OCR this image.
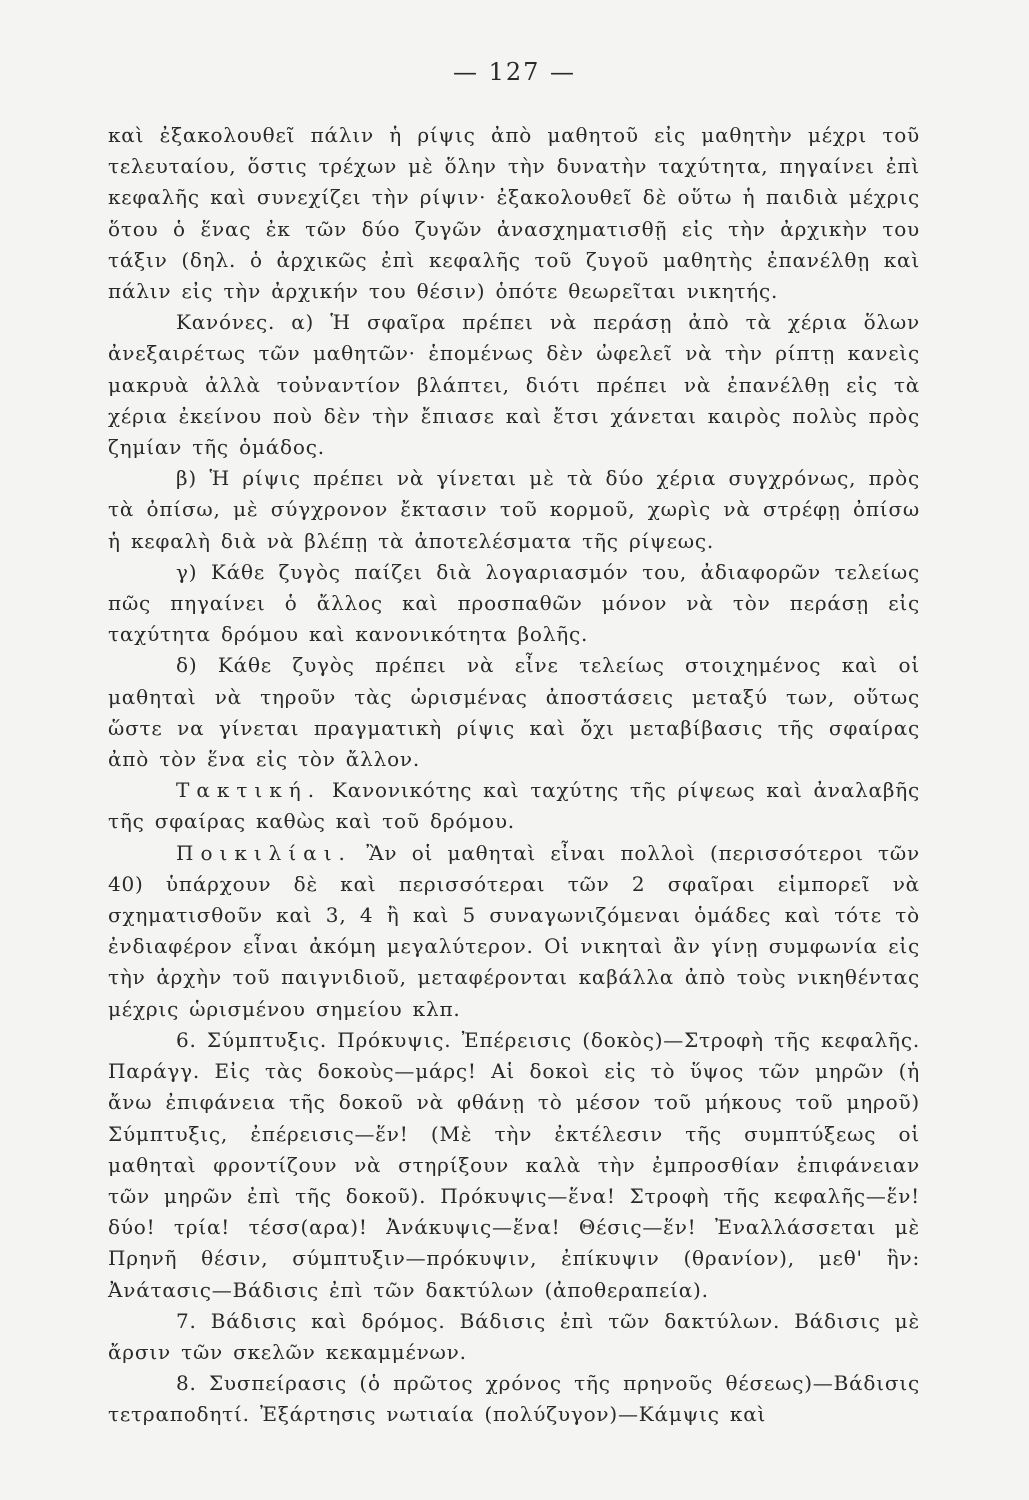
— 127 —

καὶ ἐξακολουθεῖ πάλιν ἡ ρίψις ἀπὸ μαθητοῦ εἰς μαθητὴν μέχρι τοῦ τελευταίου, ὅστις τρέχων μὲ ὅλην τὴν δυνατὴν ταχύτητα, πηγαίνει ἐπὶ κεφαλῆς καὶ συνεχίζει τὴν ρίψιν· ἐξακολουθεῖ δὲ οὕτω ἡ παιδιὰ μέχρις ὅτου ὁ ἕνας ἐκ τῶν δύο ζυγῶν ἀνασχηματισθῇ εἰς τὴν ἀρχικὴν του τάξιν (δηλ. ὁ ἀρχικῶς ἐπὶ κεφαλῆς τοῦ ζυγοῦ μαθητὴς ἐπανέλθῃ καὶ πάλιν εἰς τὴν ἀρχικήν του θέσιν) ὁπότε θεωρεῖται νικητής.

Κανόνες. α) Ἡ σφαῖρα πρέπει νὰ περάσῃ ἀπὸ τὰ χέρια ὅλων ἀνεξαιρέτως τῶν μαθητῶν· ἑπομένως δὲν ὠφελεῖ νὰ τὴν ρίπτῃ κανεὶς μακρυὰ ἀλλὰ τοὐναντίον βλάπτει, διότι πρέπει νὰ ἐπανέλθῃ εἰς τὰ χέρια ἐκείνου ποὺ δὲν τὴν ἔπιασε καὶ ἔτσι χάνεται καιρὸς πολὺς πρὸς ζημίαν τῆς ὁμάδος.

β) Ἡ ρίψις πρέπει νὰ γίνεται μὲ τὰ δύο χέρια συγχρόνως, πρὸς τὰ ὀπίσω, μὲ σύγχρονον ἔκτασιν τοῦ κορμοῦ, χωρὶς νὰ στρέφῃ ὀπίσω ἡ κεφαλὴ διὰ νὰ βλέπῃ τὰ ἀποτελέσματα τῆς ρίψεως.

γ) Κάθε ζυγὸς παίζει διὰ λογαριασμόν του, ἀδιαφορῶν τελείως πῶς πηγαίνει ὁ ἄλλος καὶ προσπαθῶν μόνον νὰ τὸν περάσῃ εἰς ταχύτητα δρόμου καὶ κανονικότητα βολῆς.

δ) Κάθε ζυγὸς πρέπει νὰ εἶνε τελείως στοιχημένος καὶ οἱ μαθηταὶ νὰ τηροῦν τὰς ὡρισμένας ἀποστάσεις μεταξύ των, οὕτως ὥστε να γίνεται πραγματικὴ ρίψις καὶ ὄχι μεταβίβασις τῆς σφαίρας ἀπὸ τὸν ἕνα εἰς τὸν ἄλλον.

Τακτική. Κανονικότης καὶ ταχύτης τῆς ρίψεως καὶ ἀναλαβῆς τῆς σφαίρας καθὼς καὶ τοῦ δρόμου.

Ποικιλίαι. Ἂν οἱ μαθηταὶ εἶναι πολλοὶ (περισσότεροι τῶν 40) ὑπάρχουν δὲ καὶ περισσότεραι τῶν 2 σφαῖραι εἱμπορεῖ νὰ σχηματισθοῦν καὶ 3, 4 ἢ καὶ 5 συναγωνιζόμεναι ὁμάδες καὶ τότε τὸ ἐνδιαφέρον εἶναι ἀκόμη μεγαλύτερον. Οἱ νικηταὶ ἂν γίνῃ συμφωνία εἰς τὴν ἀρχὴν τοῦ παιγνιδιοῦ, μεταφέρονται καβάλλα ἀπὸ τοὺς νικηθέντας μέχρις ὡρισμένου σημείου κλπ.

6. Σύμπτυξις. Πρόκυψις. Ἐπέρεισις (δοκὸς)—Στροφὴ τῆς κεφαλῆς. Παράγγ. Εἰς τὰς δοκοὺς—μάρς! Αἱ δοκοὶ εἰς τὸ ὕψος τῶν μηρῶν (ἡ ἄνω ἐπιφάνεια τῆς δοκοῦ νὰ φθάνῃ τὸ μέσον τοῦ μήκους τοῦ μηροῦ) Σύμπτυξις, ἐπέρεισις—ἕν! (Μὲ τὴν ἐκτέλεσιν τῆς συμπτύξεως οἱ μαθηταὶ φροντίζουν νὰ στηρίξουν καλὰ τὴν ἐμπροσθίαν ἐπιφάνειαν τῶν μηρῶν ἐπὶ τῆς δοκοῦ). Πρόκυψις—ἕνα! Στροφὴ τῆς κεφαλῆς—ἕν! δύο! τρία! τέσσ(αρα)! Ἀνάκυψις—ἕνα! Θέσις—ἕν! Ἐναλλάσσεται μὲ Πρηνῆ θέσιν, σύμπτυξιν—πρόκυψιν, ἐπίκυψιν (θρανίον), μεθ' ἣν: Ἀνάτασις—Βάδισις ἐπὶ τῶν δακτύλων (ἀποθεραπεία).

7. Βάδισις καὶ δρόμος. Βάδισις ἐπὶ τῶν δακτύλων. Βάδισις μὲ ἄρσιν τῶν σκελῶν κεκαμμένων.

8. Συσπείρασις (ὁ πρῶτος χρόνος τῆς πρηνοῦς θέσεως)—Βάδισις τετραποδητί. Ἐξάρτησις νωτιαία (πολύζυγον)—Κάμψις καὶ
